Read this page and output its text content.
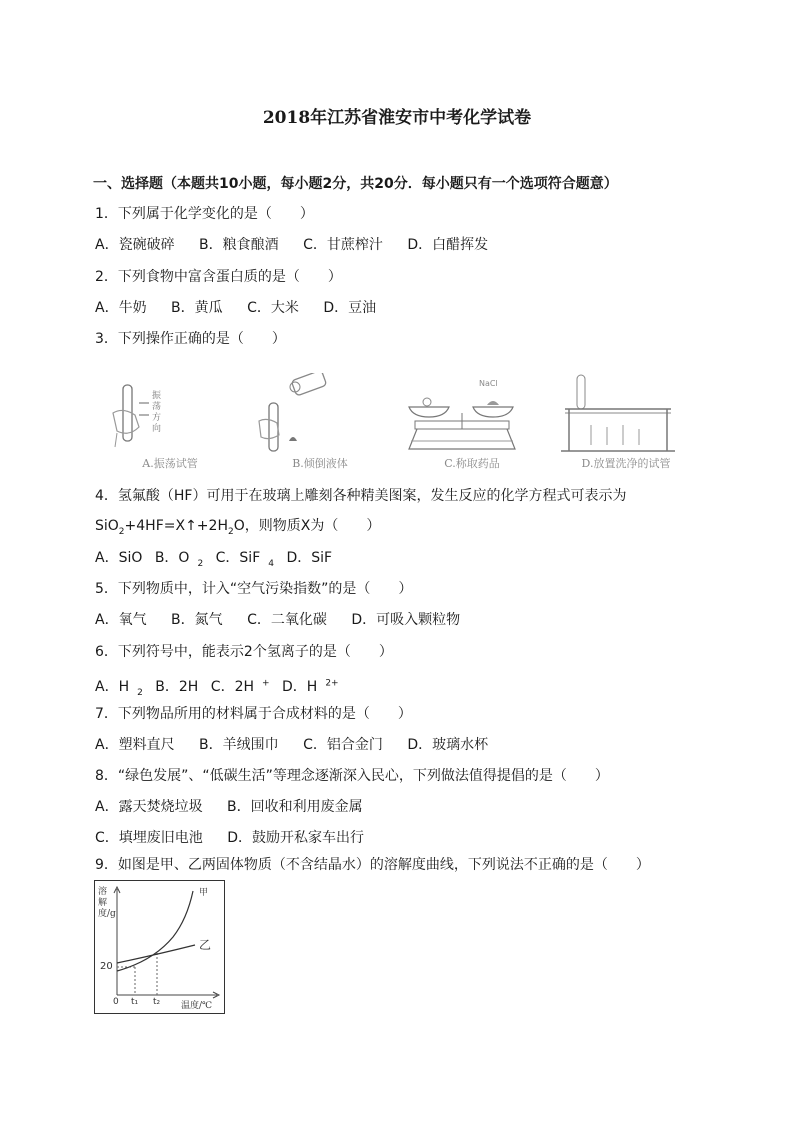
2018年江苏省淮安市中考化学试卷
一、选择题（本题共10小题，每小题2分，共20分．每小题只有一个选项符合题意）
1．下列属于化学变化的是（　　）
A．瓷碗破碎 B．粮食酿酒 C．甘蔗榨汁 D．白醋挥发
2．下列食物中富含蛋白质的是（　　）
A．牛奶 B．黄瓜 C．大米 D．豆油
3．下列操作正确的是（　　）
振荡方向
A.振荡试管	B.倾倒液体
NaCl
C.称取药品	D.放置洗净的试管
4．氢氟酸（HF）可用于在玻璃上雕刻各种精美图案，发生反应的化学方程式可表示为
$SiO_2+4HF=X↑+2H_2O$，则物质X为（　　）
A．SiO B．O $_2$ C．SiF $_4$ D．SiF
5．下列物质中，计入“空气污染指数”的是（　　）
A．氧气 B．氮气 C．二氧化碳 D．可吸入颗粒物
6．下列符号中，能表示2个氢离子的是（　　）
A．H $_2$ B．2H C．2H + D．H $^{2+}$
7．下列物品所用的材料属于合成材料的是（　　）
A．塑料直尺 B．羊绒围巾 C．铝合金门 D．玻璃水杯
8．“绿色发展”、“低碳生活”等理念逐渐深入民心，下列做法值得提倡的是（　　）
A．露天焚烧垃圾 B．回收和利用废金属
C．填埋废旧电池 D．鼓励开私家车出行
9．如图是甲、乙两固体物质（不含结晶水）的溶解度曲线，下列说法不正确的是（　　）
溶解度/g
20
0 t₁ t₂ 温度/℃
甲
乙
